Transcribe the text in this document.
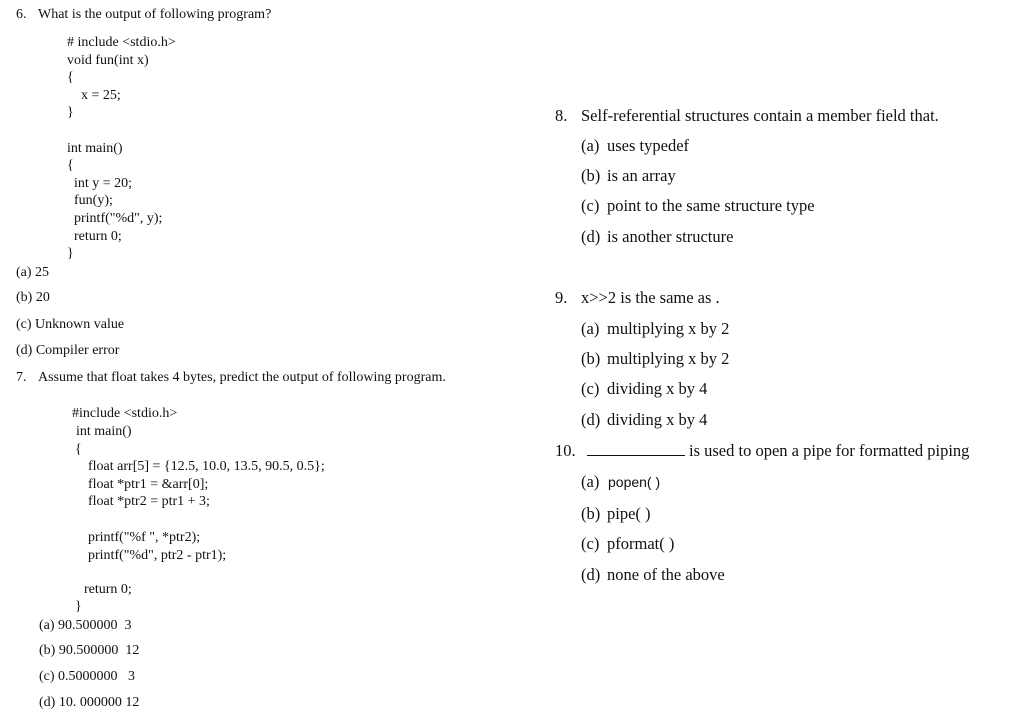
6. What is the output of following program?
# include <stdio.h>
void fun(int x)
{
x = 25;
}
int main()
{
int y = 20;
fun(y);
printf("%d", y);
return 0;
}
(a) 25
(b) 20
(c) Unknown value
(d) Compiler error
7. Assume that float takes 4 bytes, predict the output of following program.
#include <stdio.h>
int main()
{
float arr[5] = {12.5, 10.0, 13.5, 90.5, 0.5};
float *ptr1 = &arr[0];
float *ptr2 = ptr1 + 3;
printf("%f ", *ptr2);
printf("%d", ptr2 - ptr1);
return 0;
}
(a) 90.500000  3
(b) 90.500000  12
(c) 0.5000000   3
(d) 10. 000000 12
8. Self-referential structures contain a member field that.
(a) uses typedef
(b) is an array
(c) point to the same structure type
(d) is another structure
9. x>>2 is the same as .
(a) multiplying x by 2
(b) multiplying x by 2
(c) dividing x by 4
(d) dividing x by 4
10.	is used to open a pipe for formatted piping
(a) popen( )
(b) pipe( )
(c) pformat( )
(d) none of the above
